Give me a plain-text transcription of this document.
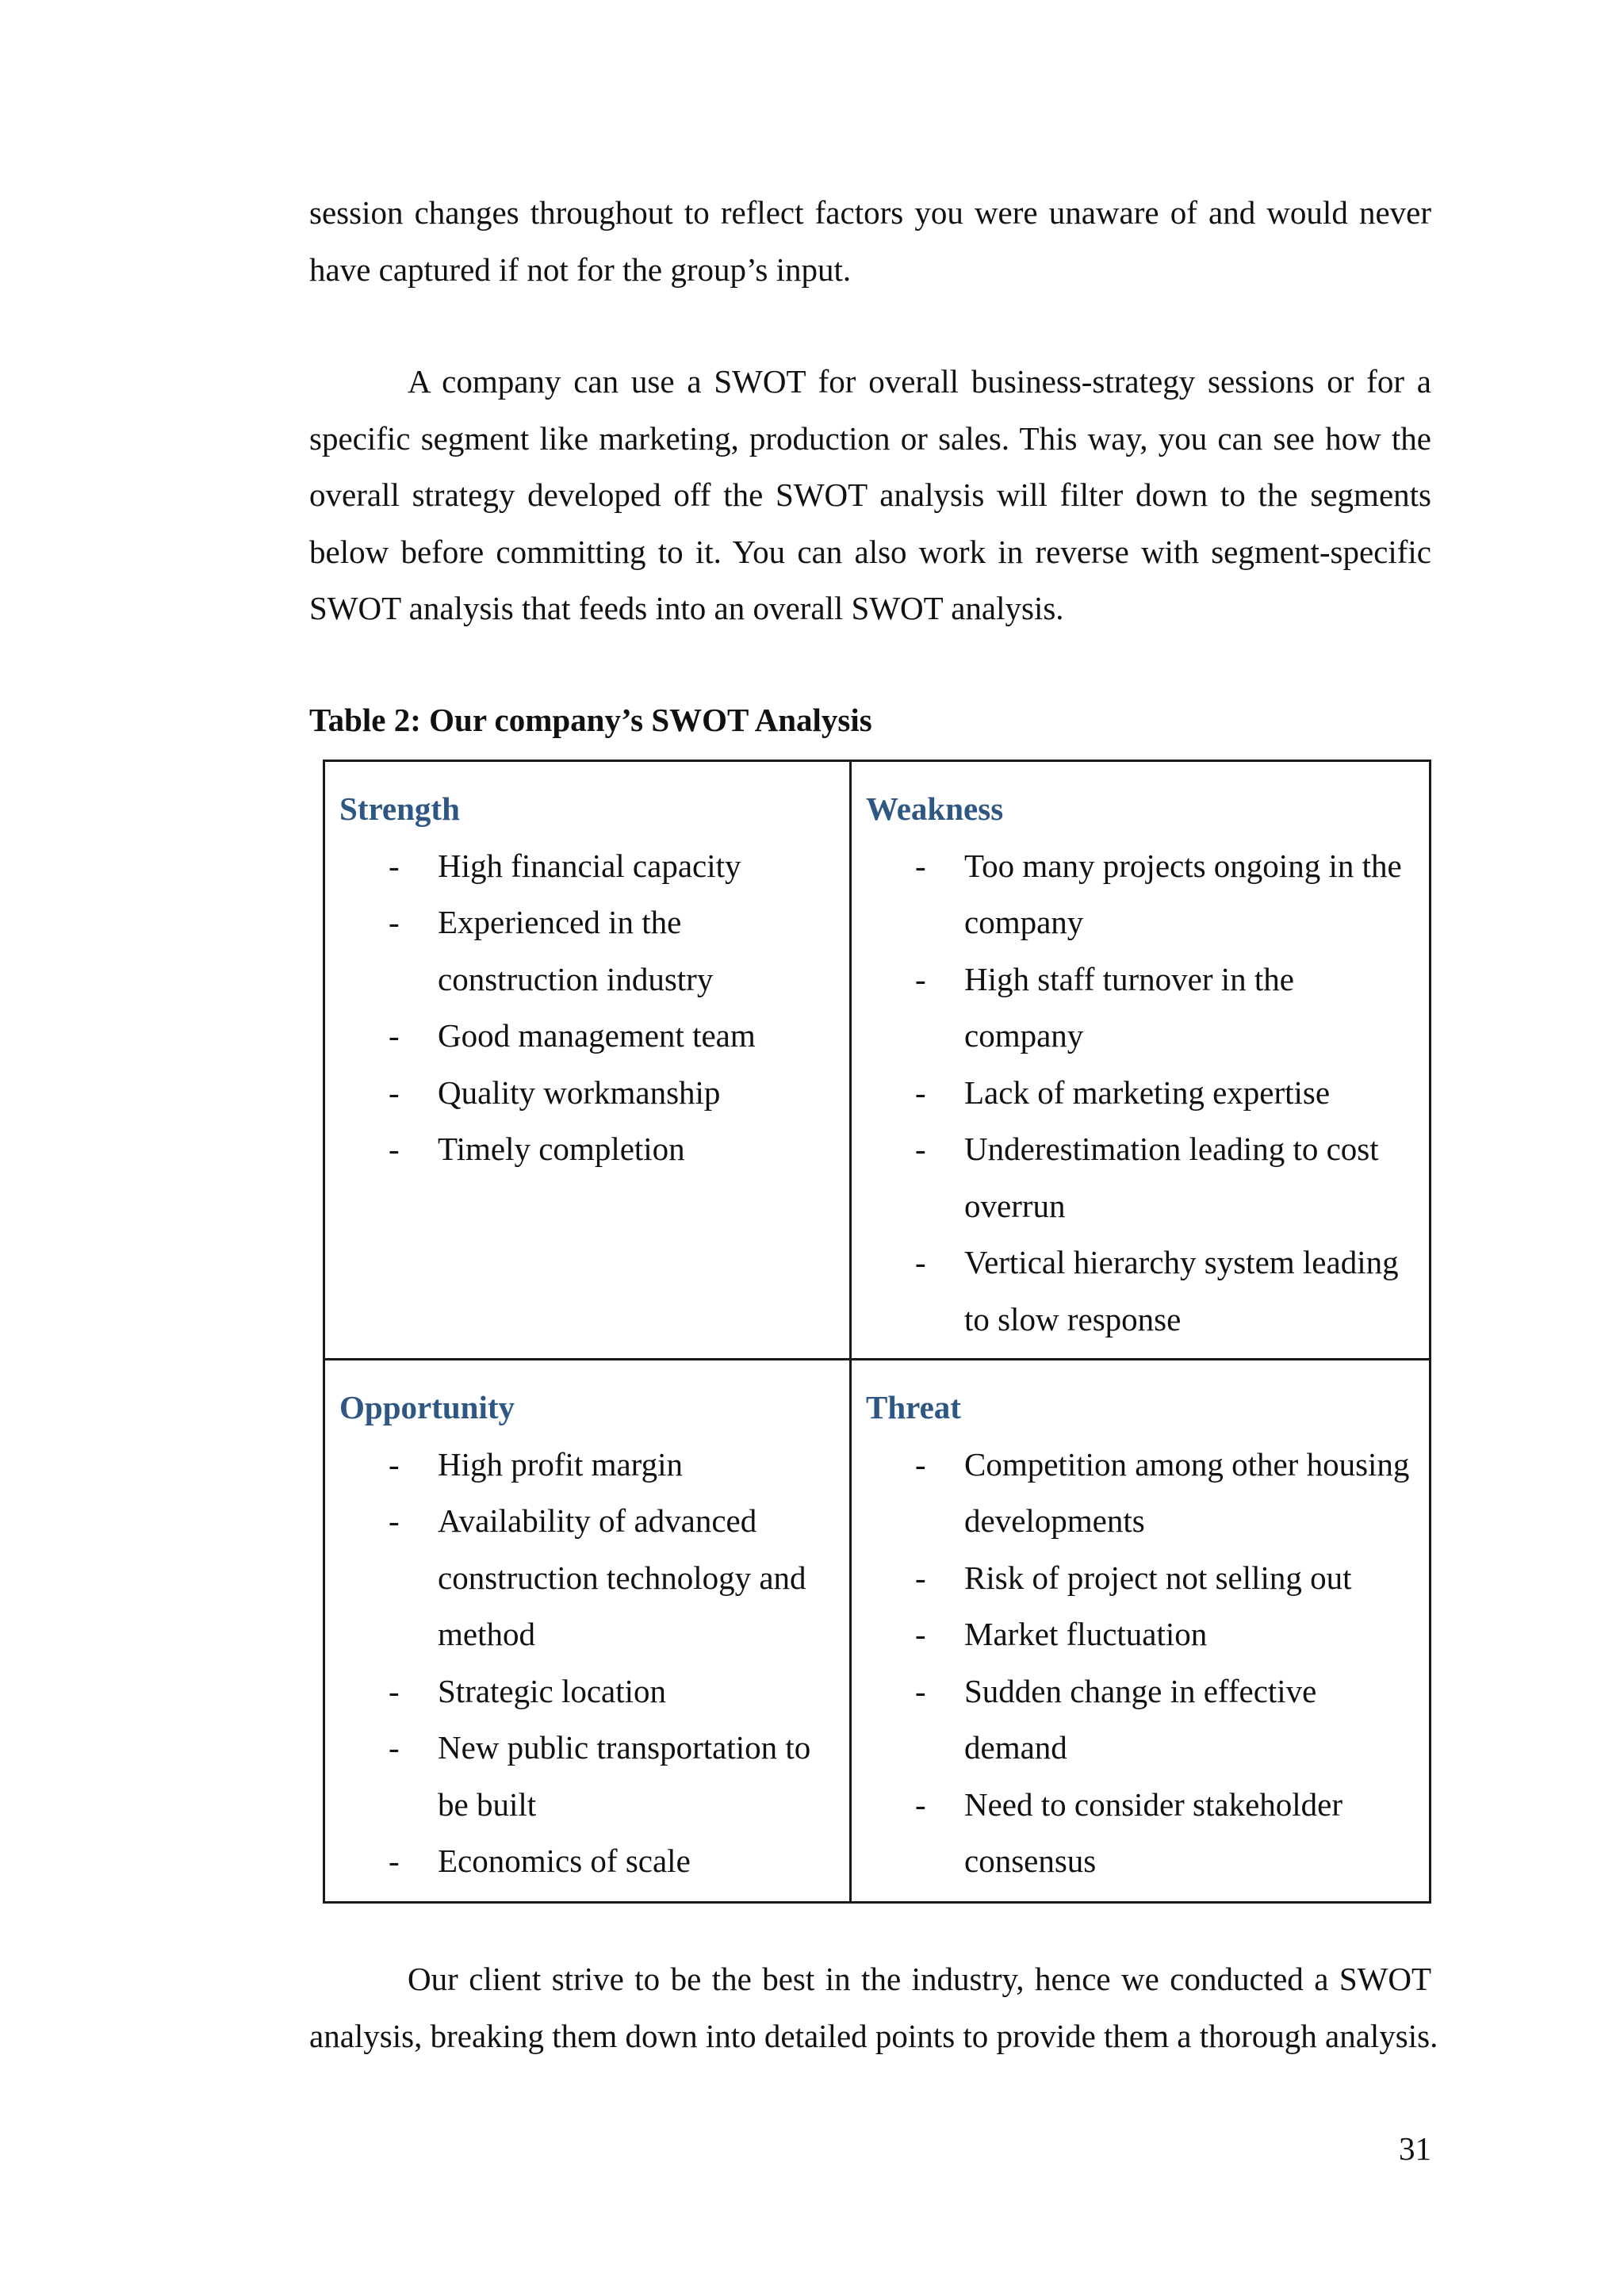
session changes throughout to reflect factors you were unaware of and would never
have captured if not for the group’s input.

A company can use a SWOT for overall business-strategy sessions or for a
specific segment like marketing, production or sales. This way, you can see how the
overall strategy developed off the SWOT analysis will filter down to the segments
below before committing to it. You can also work in reverse with segment-specific
SWOT analysis that feeds into an overall SWOT analysis.

Table 2: Our company’s SWOT Analysis

Strength
- High financial capacity
- Experienced in the
construction industry
- Good management team
- Quality workmanship
- Timely completion
Weakness
- Too many projects ongoing in the
company
- High staff turnover in the
company
- Lack of marketing expertise
- Underestimation leading to cost
overrun
- Vertical hierarchy system leading
to slow response
Opportunity
- High profit margin
- Availability of advanced
construction technology and
method
- Strategic location
- New public transportation to
be built
- Economics of scale
Threat
- Competition among other housing
developments
- Risk of project not selling out
- Market fluctuation
- Sudden change in effective
demand
- Need to consider stakeholder
consensus

Our client strive to be the best in the industry, hence we conducted a SWOT
analysis, breaking them down into detailed points to provide them a thorough analysis.

31
